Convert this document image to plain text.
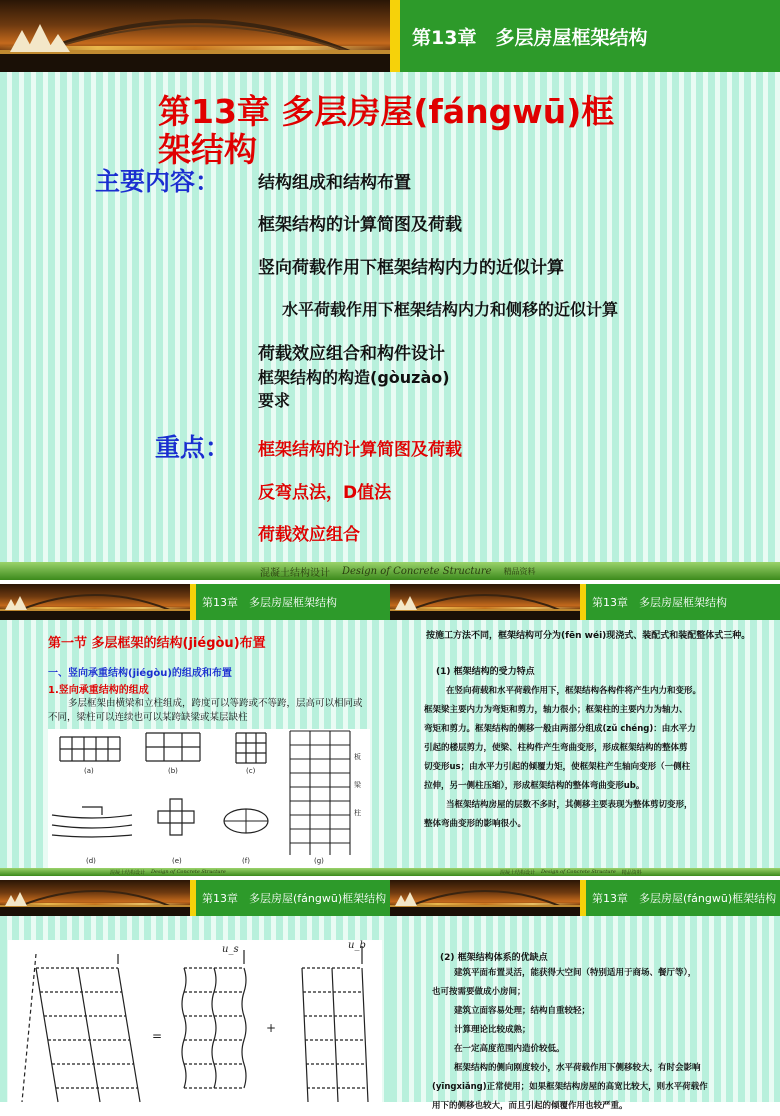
第13章　多层房屋框架结构
第13章 多层房屋(fángwū)框
架结构
主要内容： 结构组成和结构布置
框架结构的计算简图及荷载
竖向荷载作用下框架结构内力的近似计算
水平荷载作用下框架结构内力和侧移的近似计算
荷载效应组合和构件设计
框架结构的构造(gòuzào)
要求
重点： 框架结构的计算简图及荷载
反弯点法，D值法
荷载效应组合
混凝土结构设计 Design of Concrete Structure 精品资料
第13章　多层房屋框架结构
第一节 多层框架的结构(jiégòu)布置
一、竖向承重结构(jiégòu)的组成和布置
1.竖向承重结构的组成
多层框架由横梁和立柱组成，跨度可以等跨或不等跨，层高可以相同或不同，梁柱可以连续也可以某跨缺梁或某层缺柱
(a)	(b)	(c)
(d)	(e)	(f)	(g)
板
梁
柱
混凝土结构设计 Design of Concrete Structure
第13章　多层房屋框架结构
按施工方法不同，框架结构可分为(fēn wéi)现浇式、装配式和装配整体式三种。
(1) 框架结构的受力特点
在竖向荷载和水平荷载作用下，框架结构各构件将产生内力和变形。
框架梁主要内力为弯矩和剪力，轴力很小；框架柱的主要内力为轴力、
弯矩和剪力。框架结构的侧移一般由两部分组成(zǔ chéng)：由水平力
引起的楼层剪力，使梁、柱构件产生弯曲变形，形成框架结构的整体剪
切变形us；由水平力引起的倾覆力矩，使框架柱产生轴向变形（一侧柱
拉伸，另一侧柱压缩），形成框架结构的整体弯曲变形ub。
当框架结构房屋的层数不多时，其侧移主要表现为整体剪切变形，
整体弯曲变形的影响很小。
混凝土结构设计 Design of Concrete Structure 精品资料
第13章　多层房屋(fángwū)框架结构
u_s	u_b
=
+
第13章　多层房屋(fángwū)框架结构
(2) 框架结构体系的优缺点
建筑平面布置灵活，能获得大空间（特别适用于商场、餐厅等），
也可按需要做成小房间；
建筑立面容易处理；结构自重较轻；
计算理论比较成熟；
在一定高度范围内造价较低。
框架结构的侧向刚度较小，水平荷载作用下侧移较大，有时会影响
(yīngxiǎng)正常使用；如果框架结构房屋的高宽比较大，则水平荷载作
用下的侧移也较大，而且引起的倾覆作用也较严重。
